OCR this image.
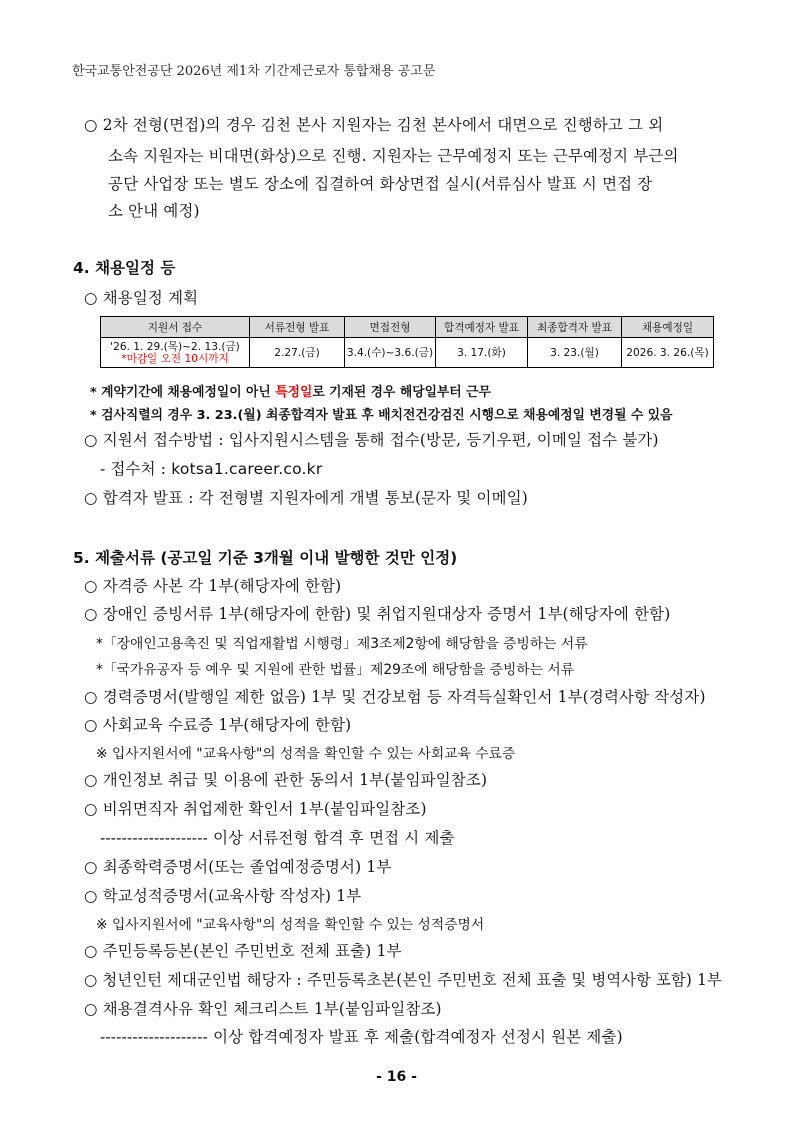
한국교통안전공단 2026년 제1차 기간제근로자 통합채용 공고문
○ 2차 전형(면접)의 경우 김천 본사 지원자는 김천 본사에서 대면으로 진행하고 그 외
소속 지원자는 비대면(화상)으로 진행. 지원자는 근무예정지 또는 근무예정지 부근의
공단 사업장 또는 별도 장소에 집결하여 화상면접 실시(서류심사 발표 시 면접 장
소 안내 예정)
4. 채용일정 등
○ 채용일정 계획
지원서 접수	서류전형 발표	면접전형	합격예정자 발표	최종합격자 발표	채용예정일

'26. 1. 29.(목)~2. 13.(금)
*마감일 오전 10시까지	2.27.(금)	3.4.(수)~3.6.(금)	3. 17.(화)	3. 23.(월)	2026. 3. 26.(목)
* 계약기간에 채용예정일이 아닌 특정일로 기재된 경우 해당일부터 근무
* 검사직렬의 경우 3. 23.(월) 최종합격자 발표 후 배치전건강검진 시행으로 채용예정일 변경될 수 있음
○ 지원서 접수방법 : 입사지원시스템을 통해 접수(방문, 등기우편, 이메일 접수 불가)
- 접수처 : kotsa1.career.co.kr
○ 합격자 발표 : 각 전형별 지원자에게 개별 통보(문자 및 이메일)
5. 제출서류 (공고일 기준 3개월 이내 발행한 것만 인정)
○ 자격증 사본 각 1부(해당자에 한함)
○ 장애인 증빙서류 1부(해당자에 한함) 및 취업지원대상자 증명서 1부(해당자에 한함)
*「장애인고용촉진 및 직업재활법 시행령」제3조제2항에 해당함을 증빙하는 서류
*「국가유공자 등 예우 및 지원에 관한 법률」제29조에 해당함을 증빙하는 서류
○ 경력증명서(발행일 제한 없음) 1부 및 건강보험 등 자격득실확인서 1부(경력사항 작성자)
○ 사회교육 수료증 1부(해당자에 한함)
※ 입사지원서에 "교육사항"의 성적을 확인할 수 있는 사회교육 수료증
○ 개인정보 취급 및 이용에 관한 동의서 1부(붙임파일참조)
○ 비위면직자 취업제한 확인서 1부(붙임파일참조)
-------------------- 이상 서류전형 합격 후 면접 시 제출
○ 최종학력증명서(또는 졸업예정증명서) 1부
○ 학교성적증명서(교육사항 작성자) 1부
※ 입사지원서에 "교육사항"의 성적을 확인할 수 있는 성적증명서
○ 주민등록등본(본인 주민번호 전체 표출) 1부
○ 청년인턴 제대군인법 해당자 : 주민등록초본(본인 주민번호 전체 표출 및 병역사항 포함) 1부
○ 채용결격사유 확인 체크리스트 1부(붙임파일참조)
-------------------- 이상 합격예정자 발표 후 제출(합격예정자 선정시 원본 제출)
- 16 -
